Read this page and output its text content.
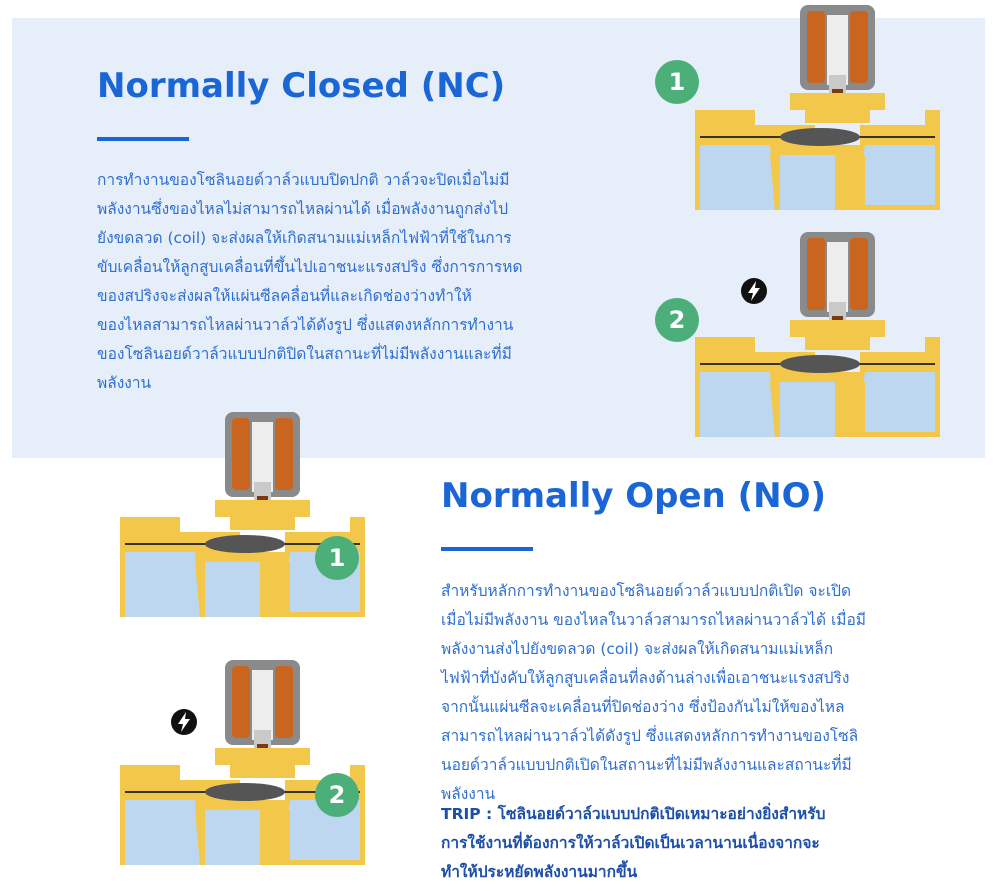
Normally Closed (NC)
การทำงานของโซลินอยด์วาล์วแบบปิดปกติ วาล์วจะปิดเมื่อไม่มี
พลังงานซึ่งของไหลไม่สามารถไหลผ่านได้ เมื่อพลังงานถูกส่งไป
ยังขดลวด (coil) จะส่งผลให้เกิดสนามแม่เหล็กไฟฟ้าที่ใช้ในการ
ขับเคลื่อนให้ลูกสูบเคลื่อนที่ขึ้นไปเอาชนะแรงสปริง ซึ่งการการหด
ของสปริงจะส่งผลให้แผ่นซีลคลื่อนที่และเกิดช่องว่างทำให้
ของไหลสามารถไหลผ่านวาล์วได้ดังรูป ซึ่งแสดงหลักการทำงาน
ของโซลินอยด์วาล์วแบบปกติปิดในสถานะที่ไม่มีพลังงานและที่มี
พลังงาน
1
2
1
2
Normally Open (NO)
สำหรับหลักการทำงานของโซลินอยด์วาล์วแบบปกติเปิด จะเปิด
เมื่อไม่มีพลังงาน ของไหลในวาล์วสามารถไหลผ่านวาล์วได้ เมื่อมี
พลังงานส่งไปยังขดลวด (coil) จะส่งผลให้เกิดสนามแม่เหล็ก
ไฟฟ้าที่บังคับให้ลูกสูบเคลื่อนที่ลงด้านล่างเพื่อเอาชนะแรงสปริง
จากนั้นแผ่นซีลจะเคลื่อนที่ปิดช่องว่าง ซึ่งป้องกันไม่ให้ของไหล
สามารถไหลผ่านวาล์วได้ดังรูป ซึ่งแสดงหลักการทำงานของโซลิ
นอยด์วาล์วแบบปกติเปิดในสถานะที่ไม่มีพลังงานและสถานะที่มี
พลังงาน
TRIP : โซลินอยด์วาล์วแบบปกติเปิดเหมาะอย่างยิ่งสำหรับ
การใช้งานที่ต้องการให้วาล์วเปิดเป็นเวลานานเนื่องจากจะ
ทำให้ประหยัดพลังงานมากขึ้น
